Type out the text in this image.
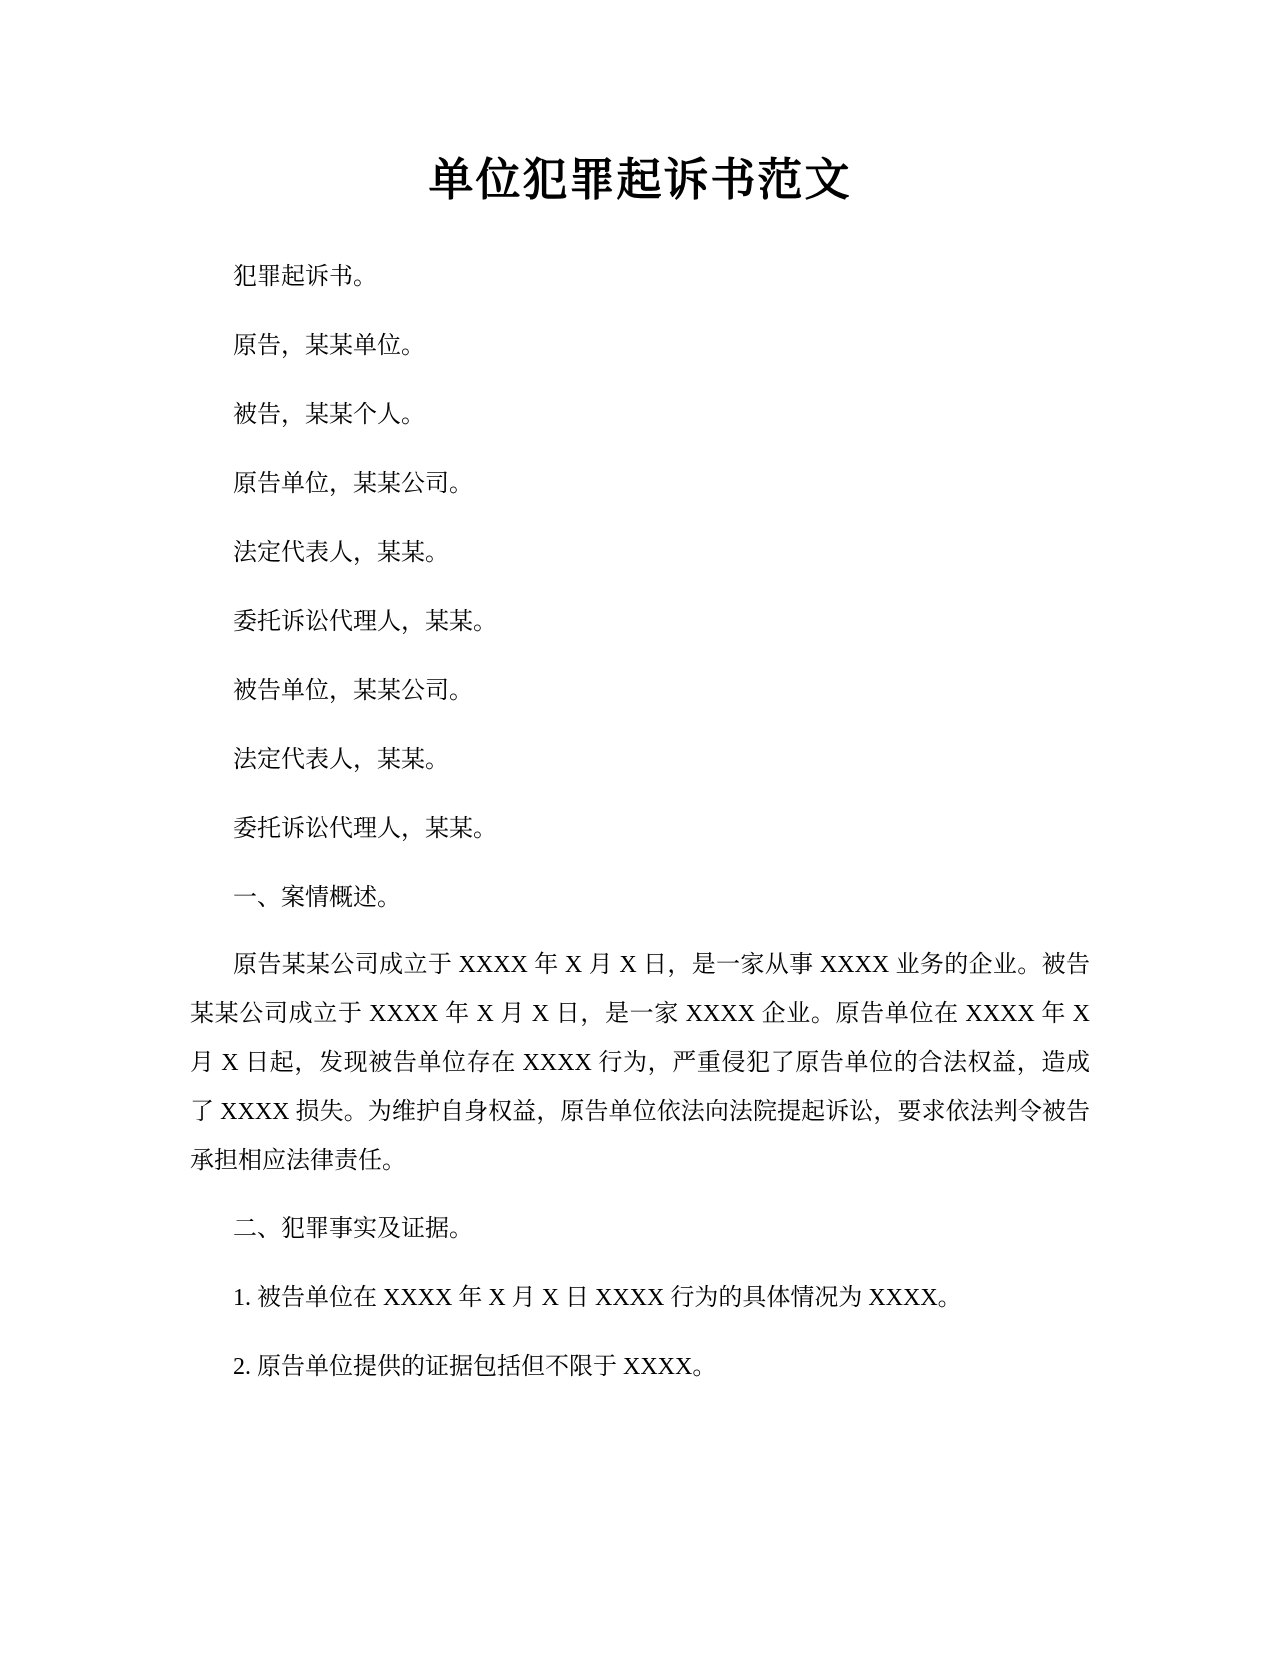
单位犯罪起诉书范文

犯罪起诉书。

原告，某某单位。

被告，某某个人。

原告单位，某某公司。

法定代表人，某某。

委托诉讼代理人，某某。

被告单位，某某公司。

法定代表人，某某。

委托诉讼代理人，某某。

一、案情概述。

原告某某公司成立于 XXXX 年 X 月 X 日，是一家从事 XXXX 业务的企业。被告某某公司成立于 XXXX 年 X 月 X 日，是一家 XXXX 企业。原告单位在 XXXX 年 X 月 X 日起，发现被告单位存在 XXXX 行为，严重侵犯了原告单位的合法权益，造成了 XXXX 损失。为维护自身权益，原告单位依法向法院提起诉讼，要求依法判令被告承担相应法律责任。

二、犯罪事实及证据。

1. 被告单位在 XXXX 年 X 月 X 日 XXXX 行为的具体情况为 XXXX。

2. 原告单位提供的证据包括但不限于 XXXX。
